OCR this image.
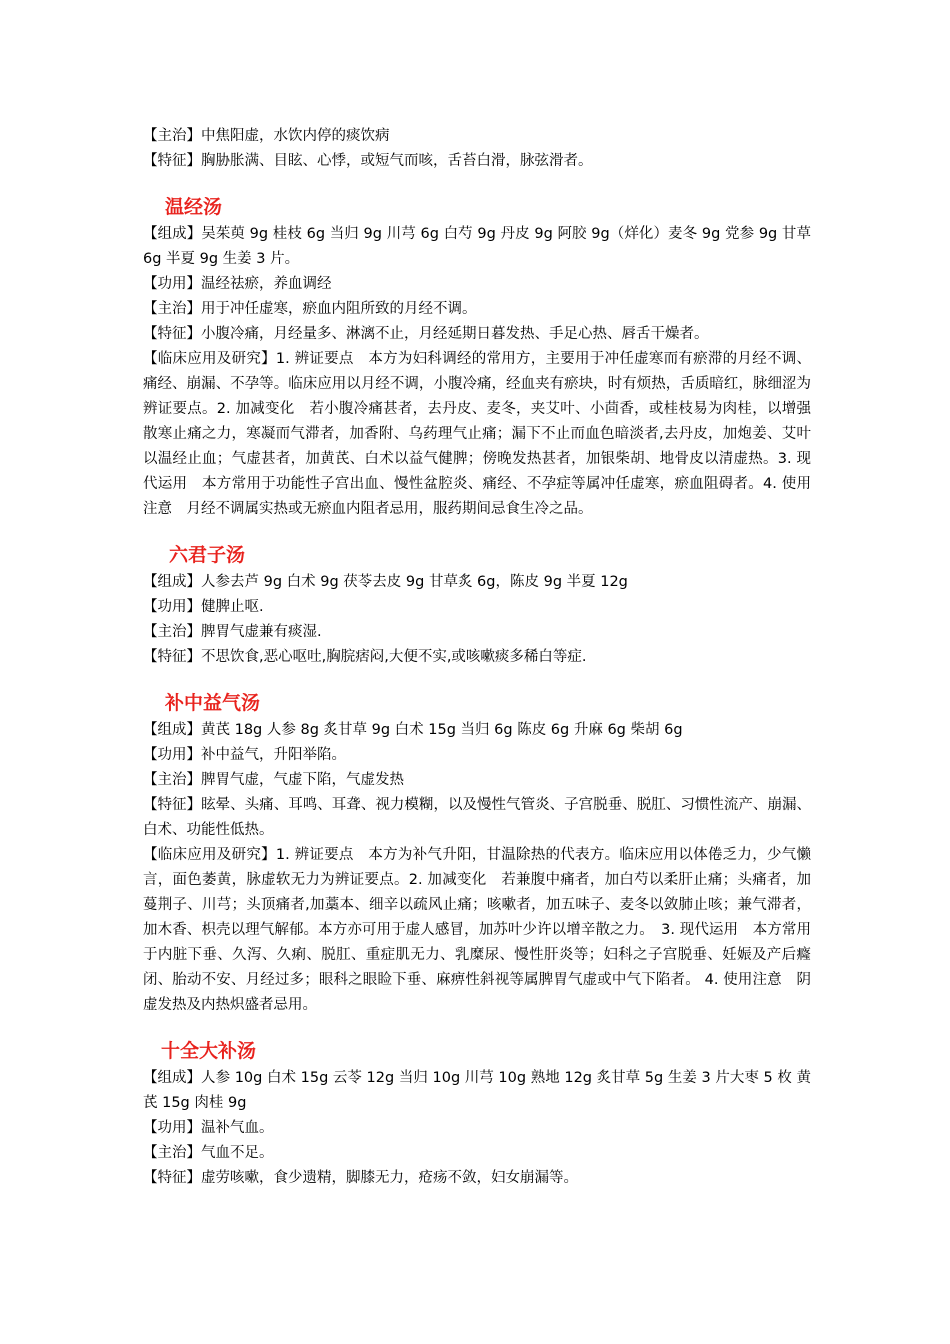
【主治】中焦阳虚，水饮内停的痰饮病

【特征】胸胁胀满、目眩、心悸，或短气而咳，舌苔白滑，脉弦滑者。

温经汤

【组成】吴茱萸 9g 桂枝 6g 当归 9g 川芎 6g 白芍 9g 丹皮 9g 阿胶 9g（烊化）麦冬 9g 党参 9g 甘草 6g 半夏 9g 生姜 3 片。

【功用】温经祛瘀，养血调经

【主治】用于冲任虚寒，瘀血内阻所致的月经不调。

【特征】小腹冷痛，月经量多、淋漓不止，月经延期日暮发热、手足心热、唇舌干燥者。

【临床应用及研究】1. 辨证要点　本方为妇科调经的常用方，主要用于冲任虚寒而有瘀滞的月经不调、痛经、崩漏、不孕等。临床应用以月经不调，小腹冷痛，经血夹有瘀块，时有烦热，舌质暗红，脉细涩为辨证要点。2. 加减变化　若小腹冷痛甚者，去丹皮、麦冬，夹艾叶、小茴香，或桂枝易为肉桂，以增强散寒止痛之力，寒凝而气滞者，加香附、乌药理气止痛；漏下不止而血色暗淡者,去丹皮，加炮姜、艾叶以温经止血；气虚甚者，加黄芪、白术以益气健脾；傍晚发热甚者，加银柴胡、地骨皮以清虚热。3. 现代运用　本方常用于功能性子宫出血、慢性盆腔炎、痛经、不孕症等属冲任虚寒，瘀血阻碍者。4. 使用注意　月经不调属实热或无瘀血内阻者忌用，服药期间忌食生冷之品。

六君子汤

【组成】人参去芦 9g 白术 9g 茯苓去皮 9g 甘草炙 6g，陈皮 9g 半夏 12g

【功用】健脾止呕.

【主治】脾胃气虚兼有痰湿.

【特征】不思饮食,恶心呕吐,胸脘痞闷,大便不实,或咳嗽痰多稀白等症.

补中益气汤

【组成】黄芪 18g 人参 8g 炙甘草 9g 白术 15g 当归 6g 陈皮 6g 升麻 6g 柴胡 6g

【功用】补中益气，升阳举陷。

【主治】脾胃气虚，气虚下陷，气虚发热

【特征】眩晕、头痛、耳鸣、耳聋、视力模糊，以及慢性气管炎、子宫脱垂、脱肛、习惯性流产、崩漏、白术、功能性低热。

【临床应用及研究】1. 辨证要点　本方为补气升阳，甘温除热的代表方。临床应用以体倦乏力，少气懒言，面色萎黄，脉虚软无力为辨证要点。2. 加减变化　若兼腹中痛者，加白芍以柔肝止痛；头痛者，加蔓荆子、川芎；头顶痛者,加藁本、细辛以疏风止痛；咳嗽者，加五味子、麦冬以敛肺止咳；兼气滞者，加木香、枳壳以理气解郁。本方亦可用于虚人感冒，加苏叶少许以增辛散之力。　3. 现代运用　本方常用于内脏下垂、久泻、久痢、脱肛、重症肌无力、乳糜尿、慢性肝炎等；妇科之子宫脱垂、妊娠及产后癃闭、胎动不安、月经过多；眼科之眼睑下垂、麻痹性斜视等属脾胃气虚或中气下陷者。 4. 使用注意　阴虚发热及内热炽盛者忌用。

十全大补汤

【组成】人参 10g 白术 15g 云苓 12g 当归 10g 川芎 10g 熟地 12g 炙甘草 5g 生姜 3 片大枣 5 枚 黄芪 15g 肉桂 9g

【功用】温补气血。

【主治】气血不足。

【特征】虚劳咳嗽，食少遗精，脚膝无力，疮疡不敛，妇女崩漏等。
